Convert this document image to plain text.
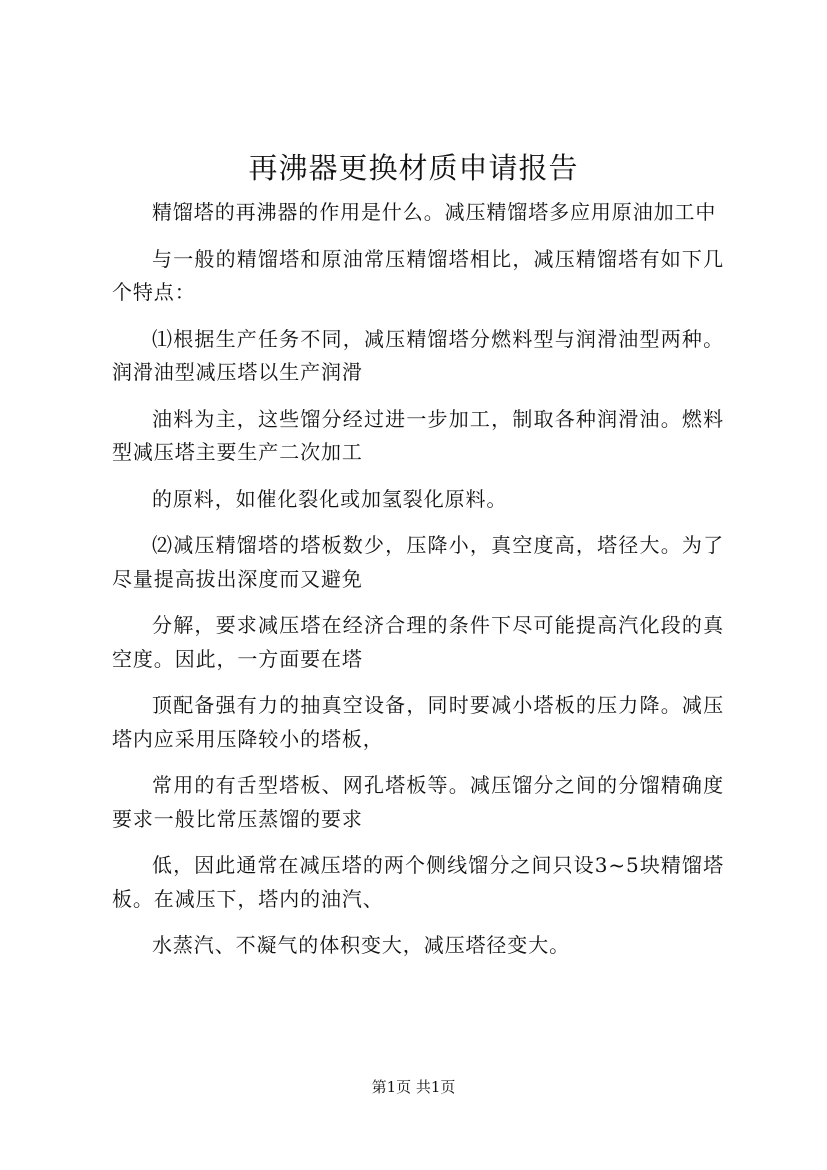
再沸器更换材质申请报告

精馏塔的再沸器的作用是什么。减压精馏塔多应用原油加工中

与一般的精馏塔和原油常压精馏塔相比，减压精馏塔有如下几个特点：

⑴根据生产任务不同，减压精馏塔分燃料型与润滑油型两种。润滑油型减压塔以生产润滑

油料为主，这些馏分经过进一步加工，制取各种润滑油。燃料型减压塔主要生产二次加工

的原料，如催化裂化或加氢裂化原料。

⑵减压精馏塔的塔板数少，压降小，真空度高，塔径大。为了尽量提高拔出深度而又避免

分解，要求减压塔在经济合理的条件下尽可能提高汽化段的真空度。因此，一方面要在塔

顶配备强有力的抽真空设备，同时要减小塔板的压力降。减压塔内应采用压降较小的塔板，

常用的有舌型塔板、网孔塔板等。减压馏分之间的分馏精确度要求一般比常压蒸馏的要求

低，因此通常在减压塔的两个侧线馏分之间只设3~5块精馏塔板。在减压下，塔内的油汽、

水蒸汽、不凝气的体积变大，减压塔径变大。

第1页 共1页
